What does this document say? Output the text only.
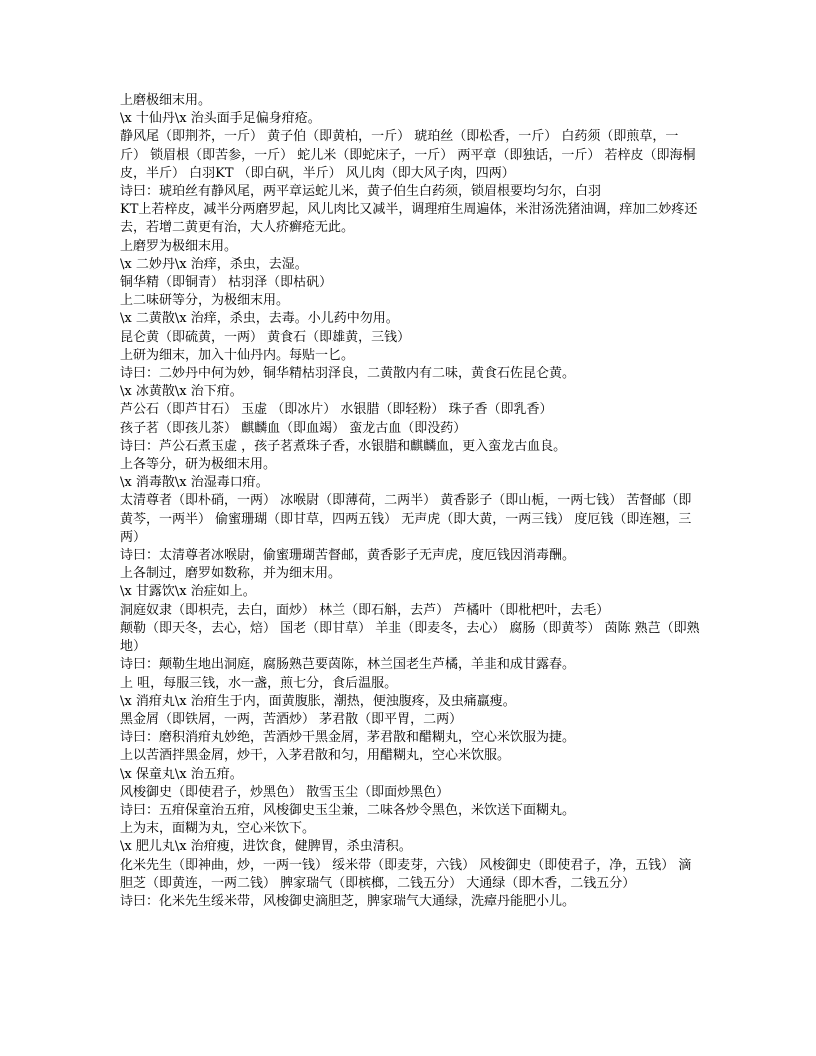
上磨极细末用。

\x 十仙丹\x 治头面手足偏身疳疮。

静风尾（即荆芥，一斤） 黄子伯（即黄柏，一斤） 琥珀丝（即松香，一斤） 白药须（即煎草，一斤） 锁眉根（即苦参，一斤） 蛇儿米（即蛇床子，一斤） 两平章（即独话，一斤） 若梓皮（即海桐皮，半斤） 白羽KT （即白矾，半斤） 风儿肉（即大风子肉，四两）

诗曰：琥珀丝有静风尾，两平章运蛇儿米，黄子伯生白药须，锁眉根要均匀尔，白羽

KT上若梓皮，减半分两磨罗起，风儿肉比又减半，调理疳生周遍体，米泔汤洗猪油调，痒加二妙疼还去，若增二黄更有治，大人疥癣疮无此。

上磨罗为极细末用。

\x 二妙丹\x 治痒，杀虫，去湿。

铜华精（即铜青） 枯羽泽（即枯矾）

上二味研等分，为极细末用。

\x 二黄散\x 治痒，杀虫，去毒。小儿药中勿用。

昆仑黄（即硫黄，一两） 黄食石（即雄黄，三钱）

上研为细末，加入十仙丹内。每贴一匕。

诗曰：二妙丹中何为妙，铜华精枯羽泽良，二黄散内有二味，黄食石佐昆仑黄。

\x 冰黄散\x 治下疳。

芦公石（即芦甘石） 玉虚 （即冰片） 水银腊（即轻粉） 珠子香（即乳香）

孩子茗（即孩儿茶） 麒麟血（即血竭） 蛮龙古血（即没药）

诗曰：芦公石煮玉虚 ，孩子茗煮珠子香，水银腊和麒麟血，更入蛮龙古血良。

上各等分，研为极细末用。

\x 消毒散\x 治湿毒口疳。

太清尊者（即朴硝，一两） 冰喉尉（即薄荷，二两半） 黄香影子（即山栀，一两七钱） 苦督邮（即

黄芩，一两半） 偷蜜珊瑚（即甘草，四两五钱） 无声虎（即大黄，一两三钱） 度厄钱（即连翘，三两）

诗曰：太清尊者冰喉尉，偷蜜珊瑚苦督邮，黄香影子无声虎，度厄钱因消毒酬。

上各制过，磨罗如数称，并为细末用。

\x 甘露饮\x 治症如上。

洞庭奴隶（即枳壳，去白，面炒） 林兰（即石斛，去芦） 芦橘叶（即枇杷叶，去毛）

颠勒（即天冬，去心，焙） 国老（即甘草） 羊韭（即麦冬，去心） 腐肠（即黄芩） 茵陈 熟芑（即熟地）

诗曰：颠勒生地出洞庭，腐肠熟芑要茵陈，林兰国老生芦橘，羊韭和成甘露春。

上 咀，每服三钱，水一盏，煎七分，食后温服。

\x 消疳丸\x 治疳生于内，面黄腹胀，潮热，便浊腹疼，及虫痛羸瘦。

黑金屑（即铁屑，一两，苦酒炒） 茅君散（即平胃，二两）

诗曰：磨积消疳丸妙绝，苦酒炒干黑金屑，茅君散和醋糊丸，空心米饮服为捷。

上以苦酒拌黑金屑，炒干，入茅君散和匀，用醋糊丸，空心米饮服。

\x 保童丸\x 治五疳。

风梭御史（即使君子，炒黑色） 散雪玉尘（即面炒黑色）

诗曰：五疳保童治五疳，风梭御史玉尘兼，二味各炒令黑色，米饮送下面糊丸。

上为末，面糊为丸，空心米饮下。

\x 肥儿丸\x 治疳瘦，进饮食，健脾胃，杀虫清积。

化米先生（即神曲，炒，一两一钱） 绥米带（即麦芽，六钱） 风梭御史（即使君子，净，五钱） 滴胆芝（即黄连，一两二钱） 脾家瑞气（即槟榔，二钱五分） 大通绿（即木香，二钱五分）

诗曰：化米先生绥米带，风梭御史滴胆芝，脾家瑞气大通绿，洗瘴丹能肥小儿。
